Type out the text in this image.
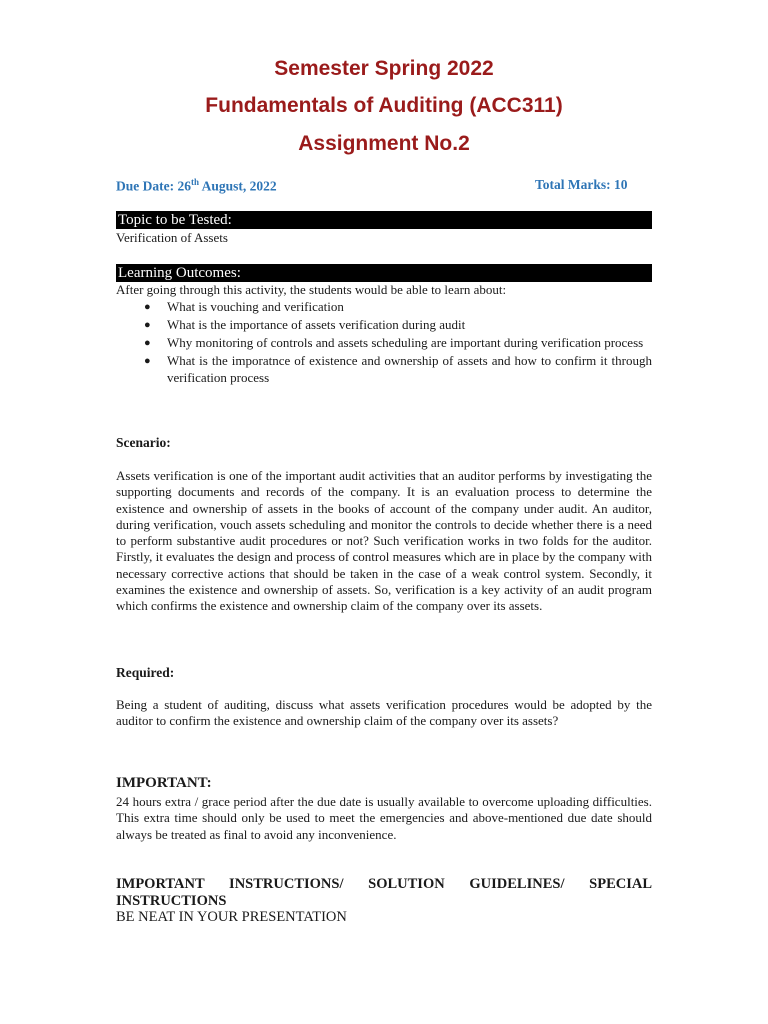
Semester Spring 2022
Fundamentals of Auditing (ACC311)
Assignment No.2
Due Date: 26th August, 2022	Total Marks: 10
Topic to be Tested:
Verification of Assets
Learning Outcomes:
After going through this activity, the students would be able to learn about:
● What is vouching and verification
● What is the importance of assets verification during audit
● Why monitoring of controls and assets scheduling are important during verification process
● What is the imporatnce of existence and ownership of assets and how to confirm it through verification process
Scenario:

Assets verification is one of the important audit activities that an auditor performs by investigating the supporting documents and records of the company. It is an evaluation process to determine the existence and ownership of assets in the books of account of the company under audit. An auditor, during verification, vouch assets scheduling and monitor the controls to decide whether there is a need to perform substantive audit procedures or not? Such verification works in two folds for the auditor. Firstly, it evaluates the design and process of control measures which are in place by the company with necessary corrective actions that should be taken in the case of a weak control system. Secondly, it examines the existence and ownership of assets. So, verification is a key activity of an audit program which confirms the existence and ownership claim of the company over its assets.

Required:

Being a student of auditing, discuss what assets verification procedures would be adopted by the auditor to confirm the existence and ownership claim of the company over its assets?

IMPORTANT:

24 hours extra / grace period after the due date is usually available to overcome uploading difficulties. This extra time should only be used to meet the emergencies and above-mentioned due date should always be treated as final to avoid any inconvenience.

IMPORTANT INSTRUCTIONS/ SOLUTION GUIDELINES/ SPECIAL INSTRUCTIONS
BE NEAT IN YOUR PRESENTATION
